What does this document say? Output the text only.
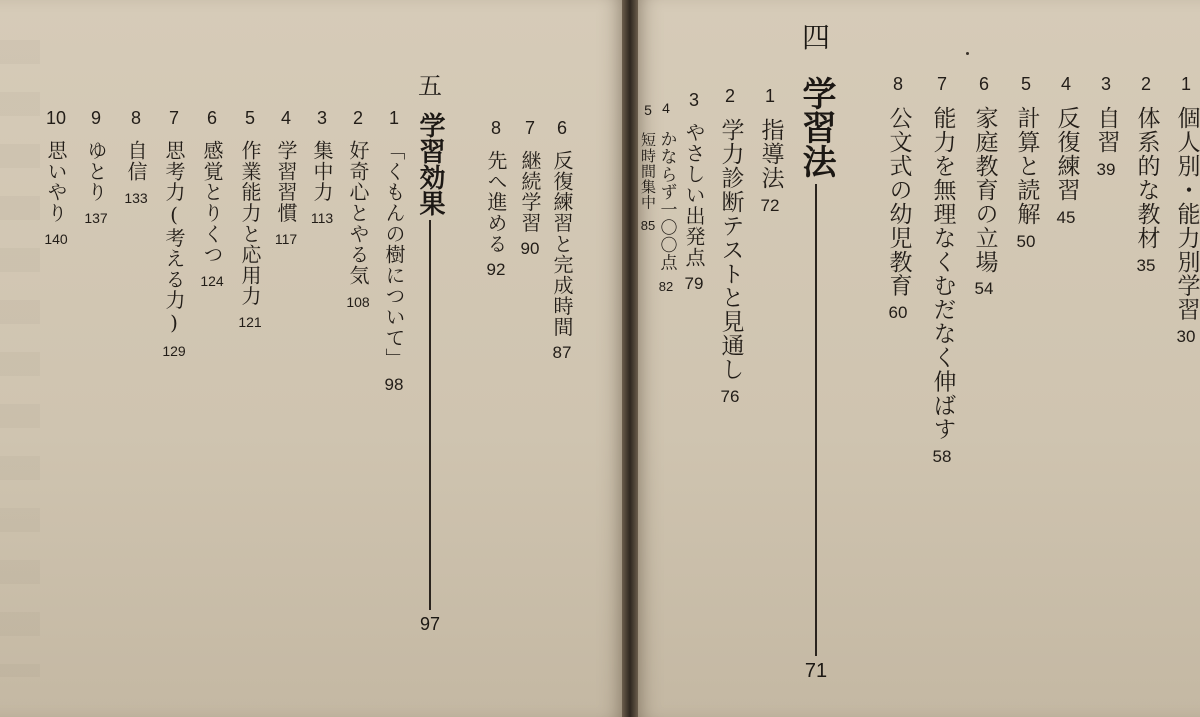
四
学習法
71
1
個人別・能力別学習
30
2
体系的な教材
35
3
自習
39
4
反復練習
45
5
計算と読解
50
6
家庭教育の立場
54
7
能力を無理なくむだなく伸ばす
58
8
公文式の幼児教育
60
1
指導法
72
2
学力診断テストと見通し
76
3
やさしい出発点
79
4
かならず一〇〇点
82
5
短時間集中
85
6
反復練習と完成時間
87
7
継続学習
90
8
先へ進める
92
五
学習効果
97
1
「くもんの樹について」
98
2
好奇心とやる気
108
3
集中力
113
4
学習習慣
117
5
作業能力と応用力
121
6
感覚とりくつ
124
7
思考力(考える力)
129
8
自信
133
9
ゆとり
137
10
思いやり
140
